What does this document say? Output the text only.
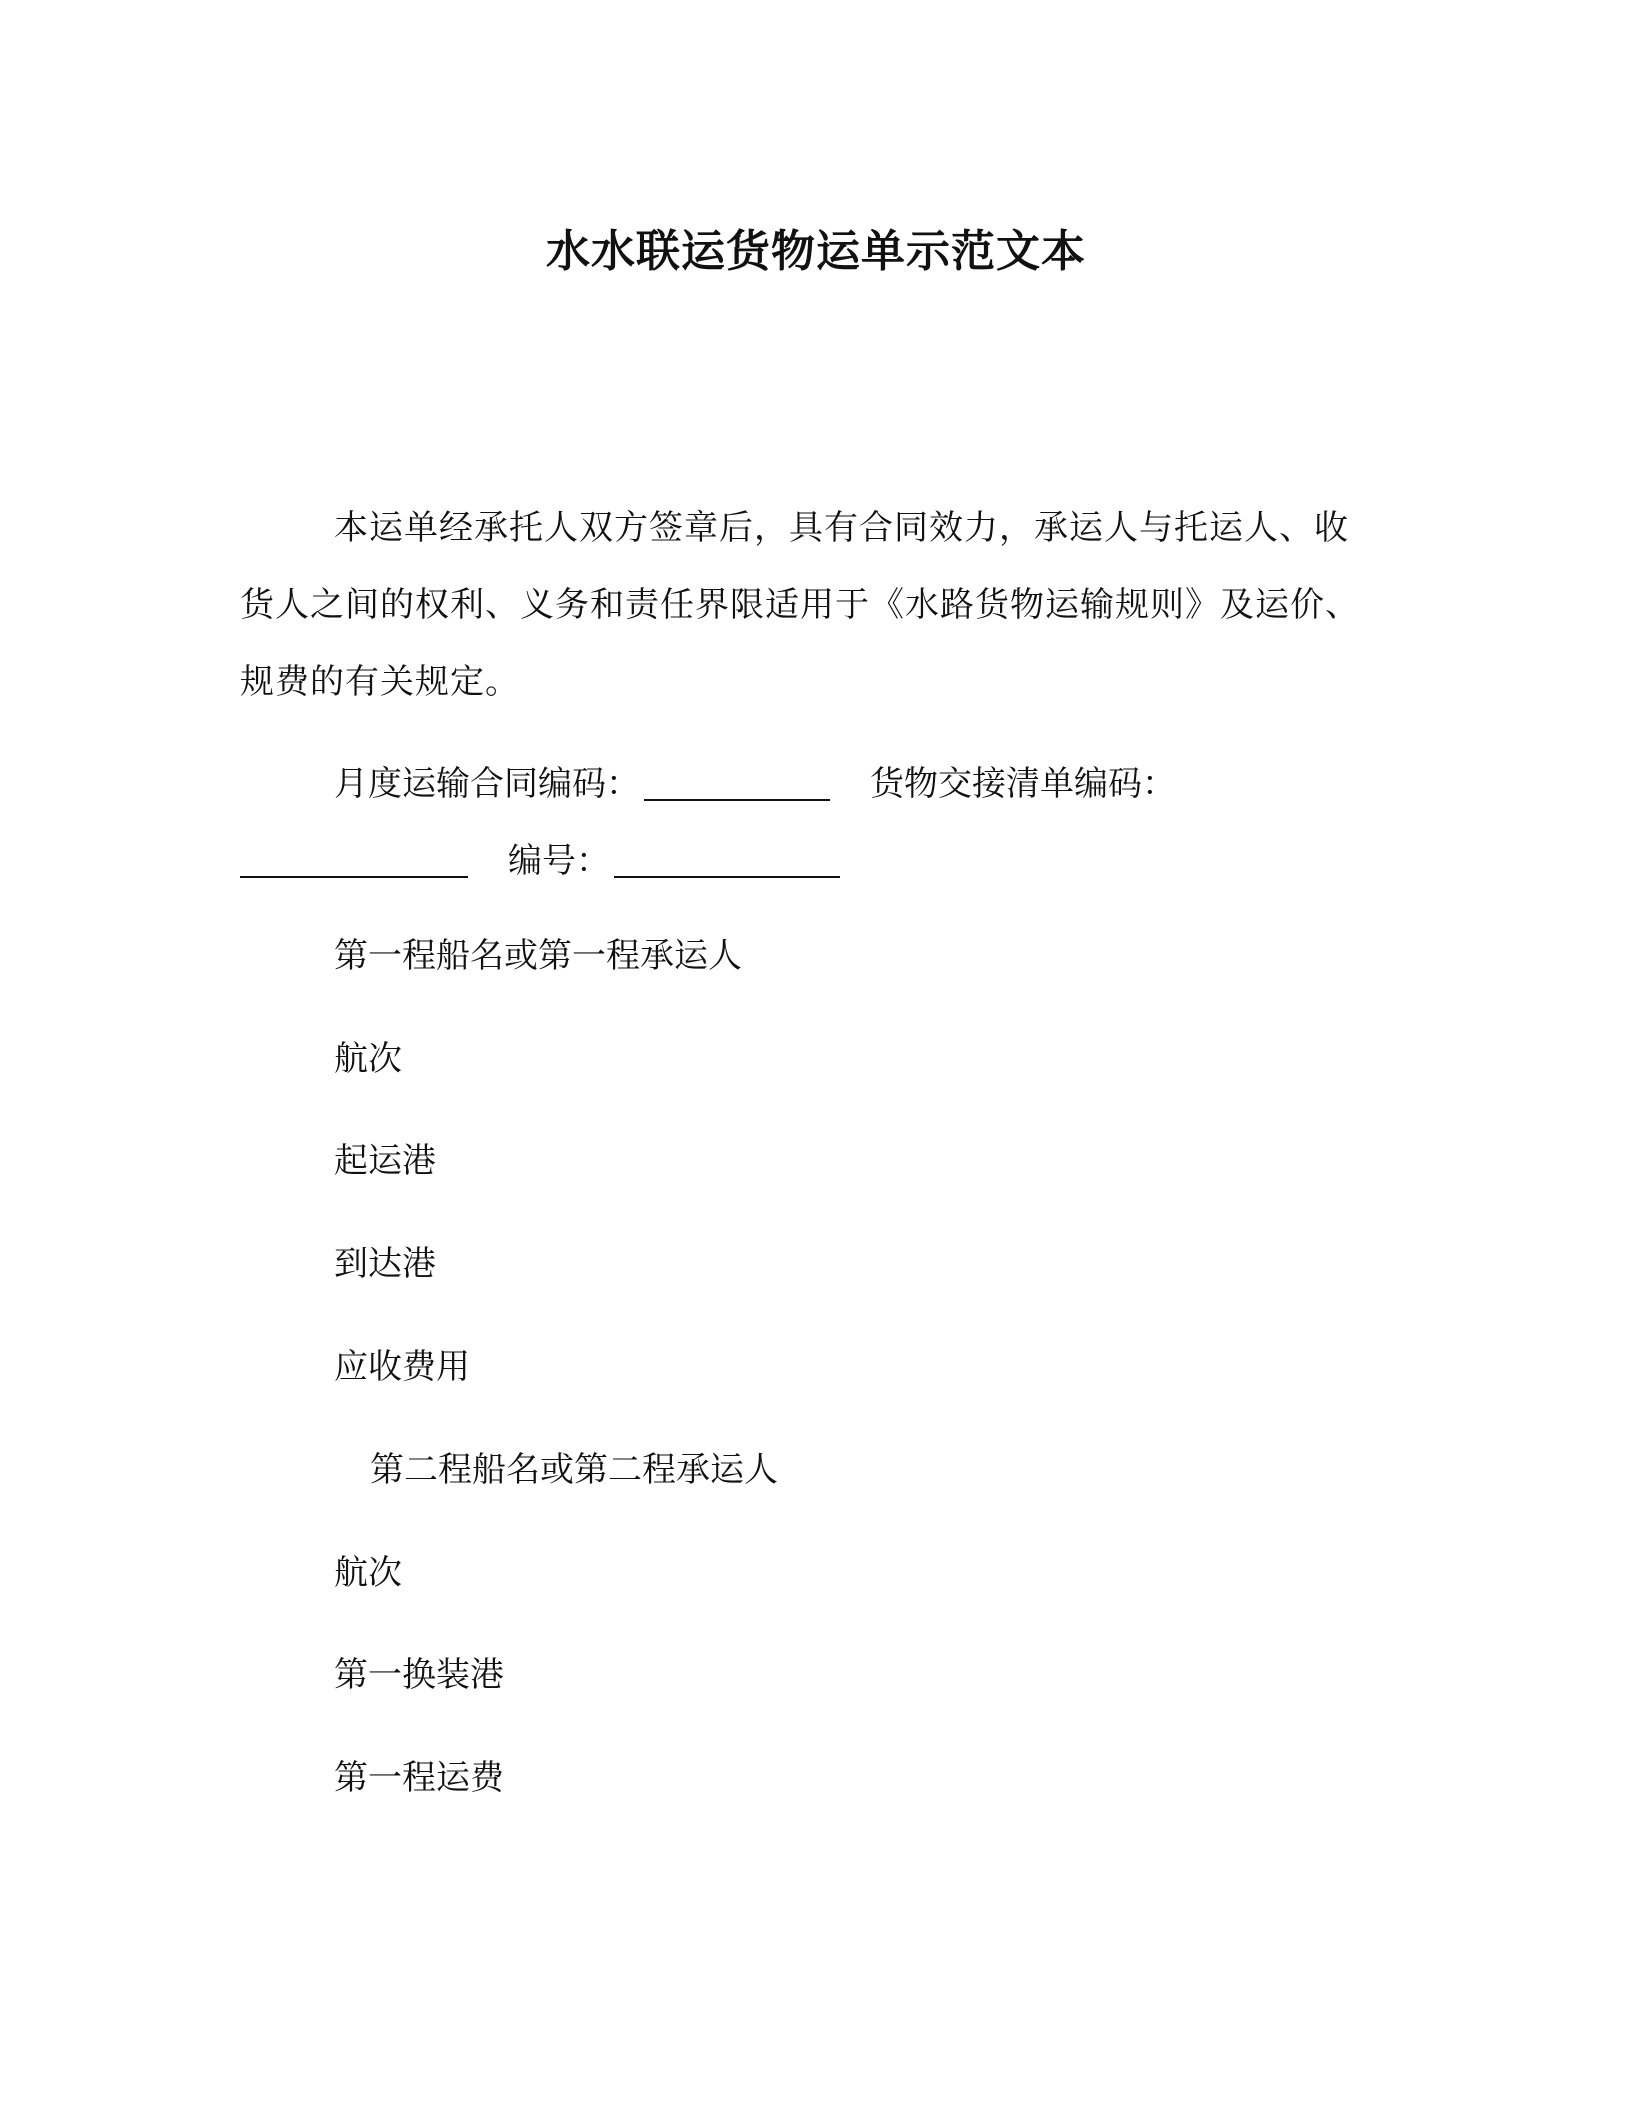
水水联运货物运单示范文本

本运单经承托人双方签章后，具有合同效力，承运人与托运人、收货人之间的权利、义务和责任界限适用于《水路货物运输规则》及运价、规费的有关规定。

月度运输合同编码：	货物交接清单编码：
编号：

第一程船名或第一程承运人

航次

起运港

到达港

应收费用

第二程船名或第二程承运人

航次

第一换装港

第一程运费
